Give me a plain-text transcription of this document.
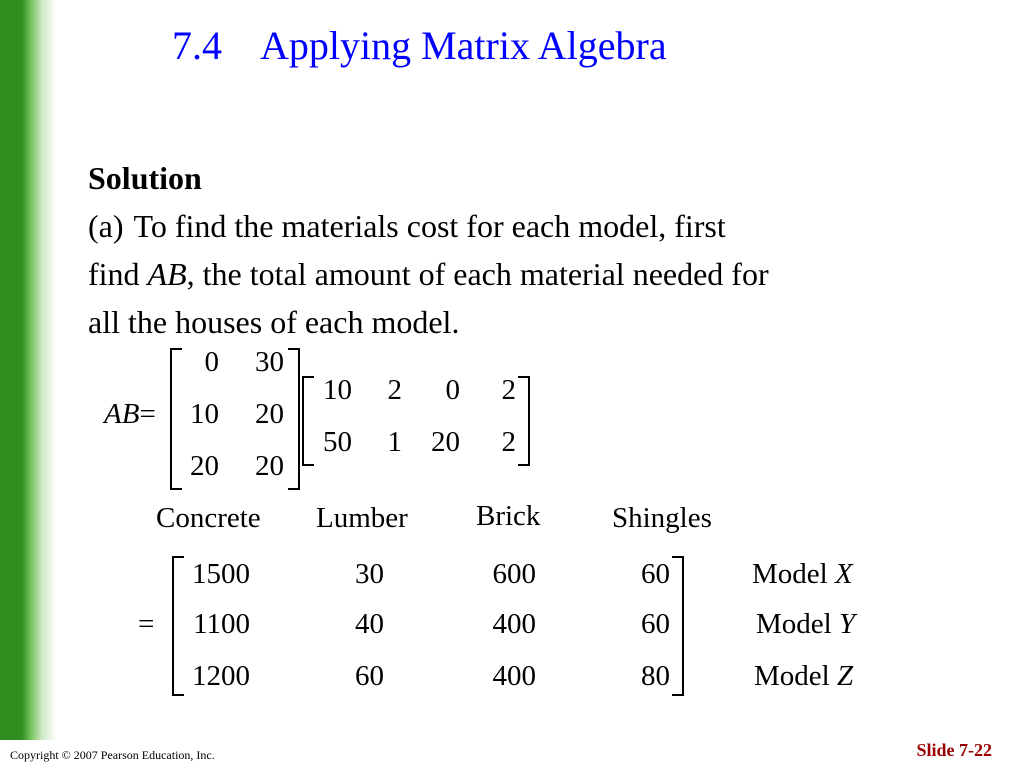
7.4 Applying Matrix Algebra
Solution
(a) To find the materials cost for each model, first
find AB, the total amount of each material needed for
all the houses of each model.
AB=
0 30
10 20
20 20
10 2 0 2
50 1 20 2
Concrete Lumber Brick Shingles
=
1500	30	600	60
1100	40	400	60
1200	60	400	80
Model X
Model Y
Model Z
Copyright © 2007 Pearson Education, Inc.	Slide 7-22
